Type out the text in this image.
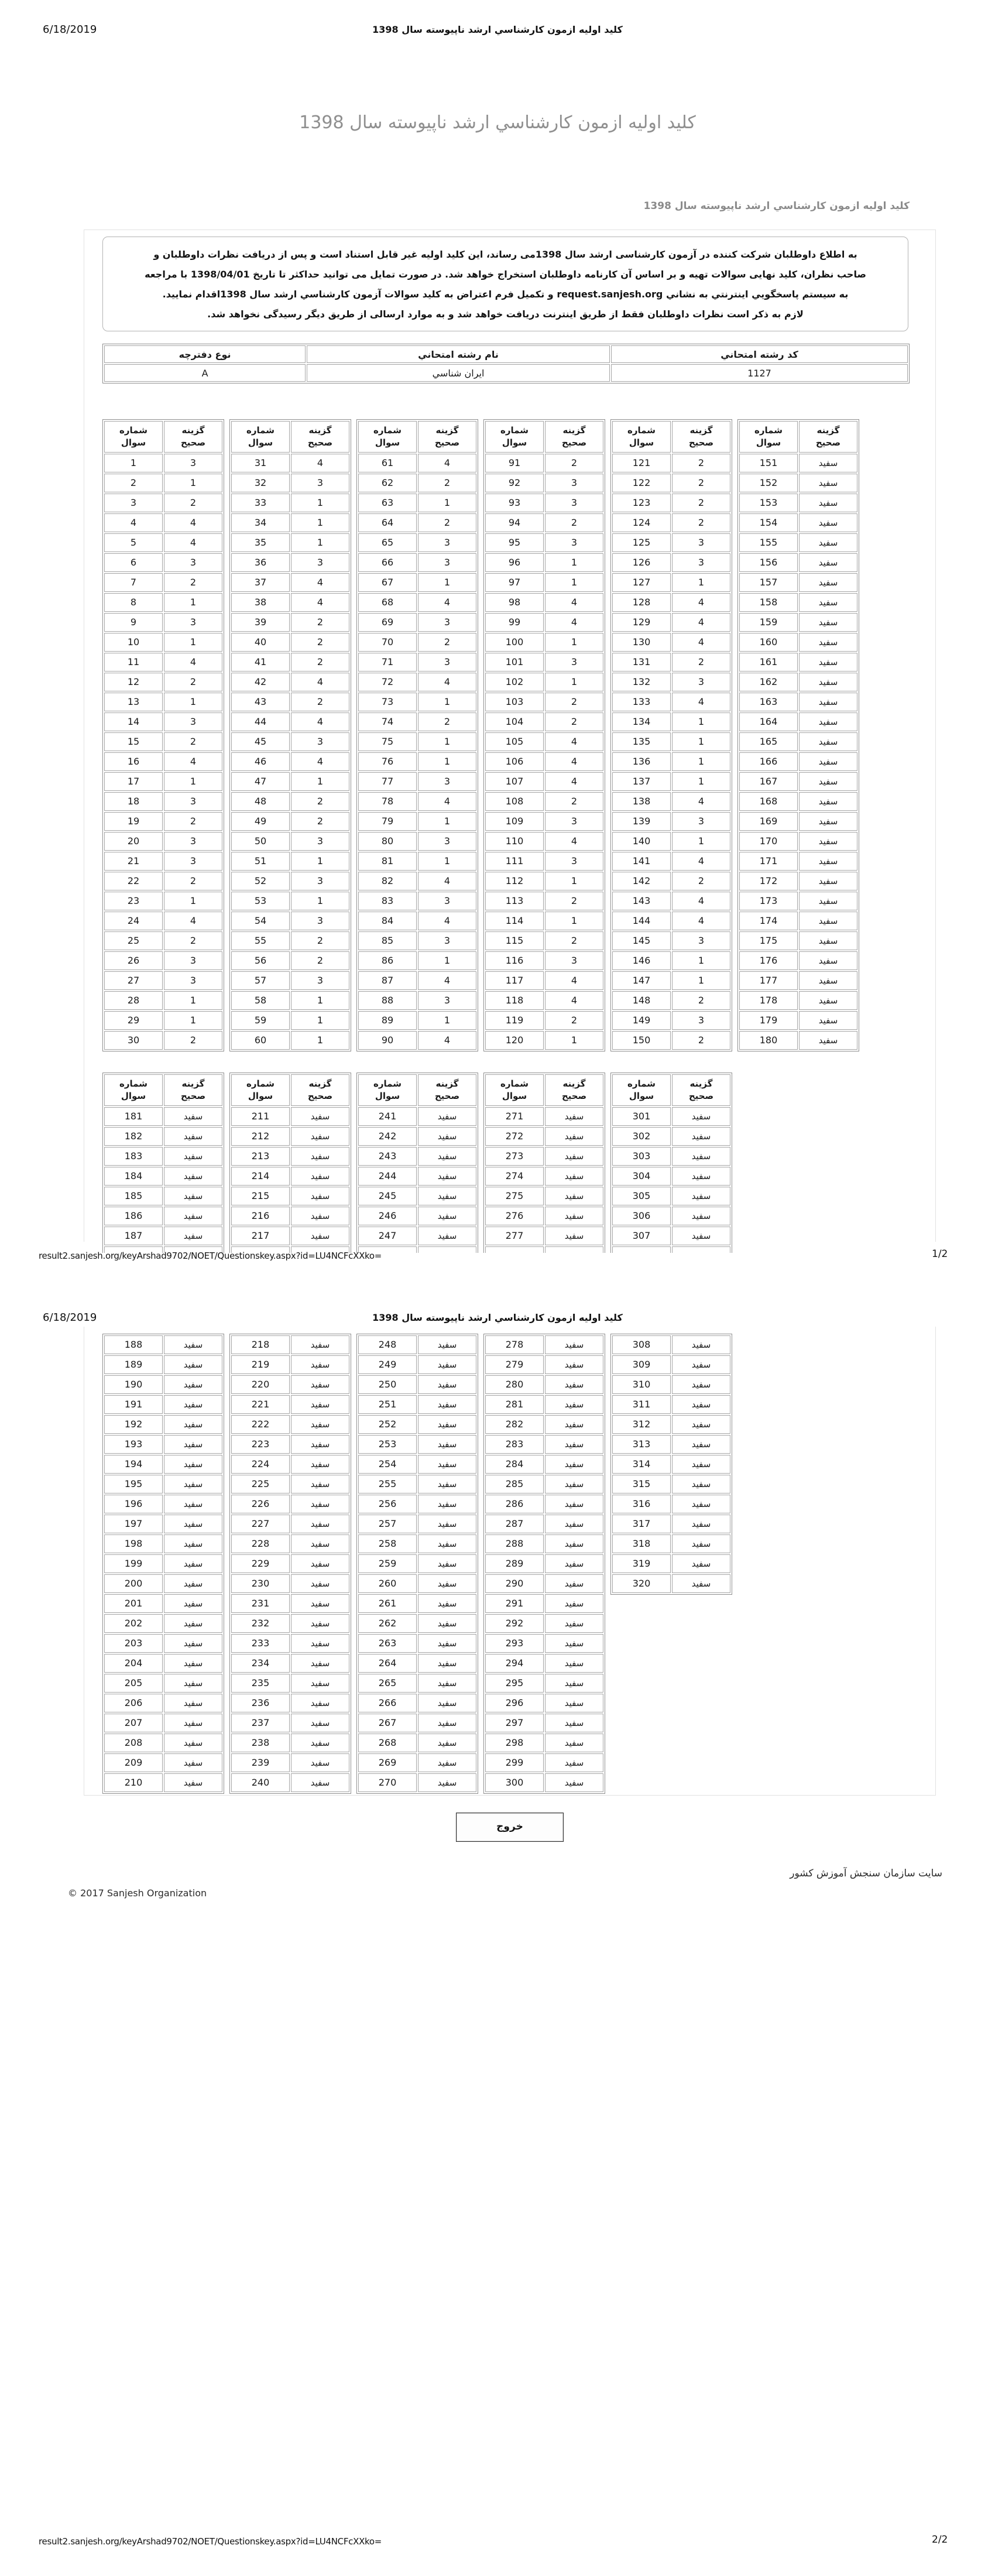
6/18/2019	کلید اولیه ازمون کارشناسي ارشد ناپیوسته سال 1398
کلید اولیه ازمون کارشناسي ارشد ناپیوسته سال 1398
کلید اولیه ازمون کارشناسي ارشد ناپیوسته سال 1398
به اطلاع داوطلبان شرکت کننده در آزمون کارشناسی ارشد سال 1398می رساند، این کلید اولیه غیر قابل استناد است و پس از دریافت نظرات داوطلبان و
صاحب نظران، کلید نهایی سوالات تهیه و بر اساس آن کارنامه داوطلبان استخراج خواهد شد. در صورت تمایل می توانید حداکثر تا تاریخ 1398/04/01 با مراجعه
به سیستم پاسخگویي اینترنتي به نشاني request.sanjesh.org و تکمیل فرم اعتراض به کلید سوالات آزمون کارشناسي ارشد سال 1398اقدام نمایید.
لازم به ذکر است نظرات داوطلبان فقط از طریق اینترنت دریافت خواهد شد و به موارد ارسالی از طریق دیگر رسیدگی نخواهد شد.
کد رشته امتحاني	نام رشته امتحاني	نوع دفترچه
1127	ایران شناسي	A
شماره
سوال	گزینه
صحیح
1	3
2	1
3	2
4	4
5	4
6	3
7	2
8	1
9	3
10	1
11	4
12	2
13	1
14	3
15	2
16	4
17	1
18	3
19	2
20	3
21	3
22	2
23	1
24	4
25	2
26	3
27	3
28	1
29	1
30	2
شماره
سوال	گزینه
صحیح
31	4
32	3
33	1
34	1
35	1
36	3
37	4
38	4
39	2
40	2
41	2
42	4
43	2
44	4
45	3
46	4
47	1
48	2
49	2
50	3
51	1
52	3
53	1
54	3
55	2
56	2
57	3
58	1
59	1
60	1
شماره
سوال	گزینه
صحیح
61	4
62	2
63	1
64	2
65	3
66	3
67	1
68	4
69	3
70	2
71	3
72	4
73	1
74	2
75	1
76	1
77	3
78	4
79	1
80	3
81	1
82	4
83	3
84	4
85	3
86	1
87	4
88	3
89	1
90	4
شماره
سوال	گزینه
صحیح
91	2
92	3
93	3
94	2
95	3
96	1
97	1
98	4
99	4
100	1
101	3
102	1
103	2
104	2
105	4
106	4
107	4
108	2
109	3
110	4
111	3
112	1
113	2
114	1
115	2
116	3
117	4
118	4
119	2
120	1
شماره
سوال	گزینه
صحیح
121	2
122	2
123	2
124	2
125	3
126	3
127	1
128	4
129	4
130	4
131	2
132	3
133	4
134	1
135	1
136	1
137	1
138	4
139	3
140	1
141	4
142	2
143	4
144	4
145	3
146	1
147	1
148	2
149	3
150	2
شماره
سوال	گزینه
صحیح
151	سفید
152	سفید
153	سفید
154	سفید
155	سفید
156	سفید
157	سفید
158	سفید
159	سفید
160	سفید
161	سفید
162	سفید
163	سفید
164	سفید
165	سفید
166	سفید
167	سفید
168	سفید
169	سفید
170	سفید
171	سفید
172	سفید
173	سفید
174	سفید
175	سفید
176	سفید
177	سفید
178	سفید
179	سفید
180	سفید
شماره
سوال	گزینه
صحیح
181	سفید
182	سفید
183	سفید
184	سفید
185	سفید
186	سفید
187	سفید

شماره
سوال	گزینه
صحیح
211	سفید
212	سفید
213	سفید
214	سفید
215	سفید
216	سفید
217	سفید

شماره
سوال	گزینه
صحیح
241	سفید
242	سفید
243	سفید
244	سفید
245	سفید
246	سفید
247	سفید

شماره
سوال	گزینه
صحیح
271	سفید
272	سفید
273	سفید
274	سفید
275	سفید
276	سفید
277	سفید

شماره
سوال	گزینه
صحیح
301	سفید
302	سفید
303	سفید
304	سفید
305	سفید
306	سفید
307	سفید

result2.sanjesh.org/keyArshad9702/NOET/Questionskey.aspx?id=LU4NCFcXXko=	1/2
6/18/2019	کلید اولیه ازمون کارشناسي ارشد ناپیوسته سال 1398
188	سفید
189	سفید
190	سفید
191	سفید
192	سفید
193	سفید
194	سفید
195	سفید
196	سفید
197	سفید
198	سفید
199	سفید
200	سفید
201	سفید
202	سفید
203	سفید
204	سفید
205	سفید
206	سفید
207	سفید
208	سفید
209	سفید
210	سفید
218	سفید
219	سفید
220	سفید
221	سفید
222	سفید
223	سفید
224	سفید
225	سفید
226	سفید
227	سفید
228	سفید
229	سفید
230	سفید
231	سفید
232	سفید
233	سفید
234	سفید
235	سفید
236	سفید
237	سفید
238	سفید
239	سفید
240	سفید
248	سفید
249	سفید
250	سفید
251	سفید
252	سفید
253	سفید
254	سفید
255	سفید
256	سفید
257	سفید
258	سفید
259	سفید
260	سفید
261	سفید
262	سفید
263	سفید
264	سفید
265	سفید
266	سفید
267	سفید
268	سفید
269	سفید
270	سفید
278	سفید
279	سفید
280	سفید
281	سفید
282	سفید
283	سفید
284	سفید
285	سفید
286	سفید
287	سفید
288	سفید
289	سفید
290	سفید
291	سفید
292	سفید
293	سفید
294	سفید
295	سفید
296	سفید
297	سفید
298	سفید
299	سفید
300	سفید
308	سفید
309	سفید
310	سفید
311	سفید
312	سفید
313	سفید
314	سفید
315	سفید
316	سفید
317	سفید
318	سفید
319	سفید
320	سفید
خروج
© 2017 Sanjesh Organization
سایت سازمان سنجش آموزش کشور
result2.sanjesh.org/keyArshad9702/NOET/Questionskey.aspx?id=LU4NCFcXXko=	2/2
